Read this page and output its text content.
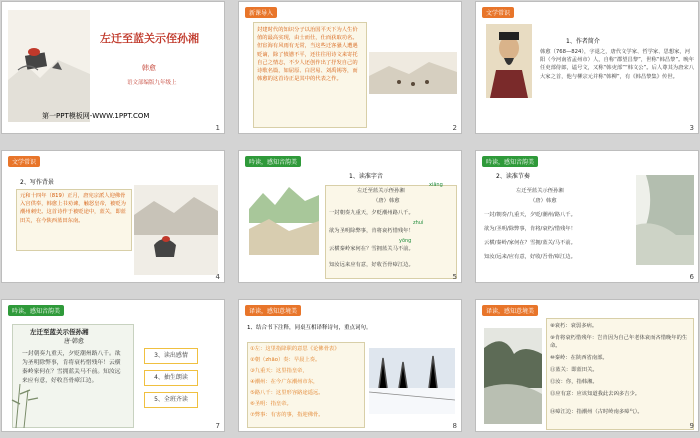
左迁至蓝关示侄孙湘
韩愈
语文部编版九年级上
第一PPT模板网-WWW.1PPT.COM
1
新课导入
封建时代的知识分子以治国平天下为人生价值的最高实现，由士而仕，仕而获取功名。但宦海有风雨有无常，当这些迁客骚人遭遇贬谪，除了愤懑不平，还往往用诗文来寄托自己之情志，不少人还创作出了抒发自己的诗歌名篇，如屈原、白居易、刘禹锡等，而韩愈的这首诗正是其中的代表之作。
2
文学常识
1、作者简介
韩愈（768—824），字退之，唐代文学家、哲学家、思想家，河阳（今河南省孟州市）人，自称“郡望昌黎”，世称“韩昌黎”。晚年任吏部侍郎，谥号文，又称“韩吏部”“韩文公”。后人尊其为唐宋八大家之首，他与柳宗元并称“韩柳”，有《韩昌黎集》传世。
3
文学常识
2、写作背景
元和十四年（819）正月，唐宪宗派人迎佛骨入宫供奉，韩愈上书劝谏，触怒皇帝，被贬为潮州刺史。这首诗作于被贬途中，蓝关，即蓝田关，在今陕西蓝田东南。
4
吟读，感知音韵美
1、读准字音
左迁至蓝关示侄孙湘
（唐）韩愈
xiāng
一封朝奏九重天，夕贬潮州路八千。
zhuì
欲为圣明除弊事，肯将衰朽惜残年！
yōng
云横秦岭家何在？雪拥蓝关马不前。
知汝远来应有意，好收吾骨瘴江边。
5
吟读，感知音韵美
2、读准节奏
左迁至蓝关示侄孙湘
（唐）韩愈
一封/朝奏/九重天，夕贬/潮州/路八千。
欲为/圣明/除弊事，肯将/衰朽/惜残年！
云横/秦岭/家何在？雪拥/蓝关/马不前。
知汝/远来/应有意，好收/吾骨/瘴江边。
6
吟读，感知音韵美
左迁至蓝关示侄孙湘
唐·韩愈
一封朝奏九重天，夕贬潮州路八千。欲为圣明除弊事，肯将衰朽惜残年！云横秦岭家何在？雪拥蓝关马不前。知汝远来应有意，好收吾骨瘴江边。
3、读出感情
4、抽生朗读
5、全班齐读
7
译读，感知意境美
1、结合书下注释，同桌互相译释诗句，重点词句。
①左：这里指降职的意思《论佛骨表》
②朝（zhāo）奏：早晨上奏。
③九重天：这里指皇帝，
④潮州：在今广东潮州市东，
⑤路八千：这里形容路途遥远。
⑥圣明：指皇帝。
⑦弊事：有害的事，指迎佛骨。
8
译读，感知意境美
⑧衰朽：衰弱多病。
⑨肯将衰朽惜残年：岂肯因为自己年老体衰而吝惜晚年的生命。
⑩秦岭：在陕西省南部。
⑪蓝关：即蓝田关。
⑫汝：你，指韩湘。
⑬应有意：应该知道我此去凶多吉少。
⑭瘴江边：指潮州（古时岭南多瘴气）。
9
